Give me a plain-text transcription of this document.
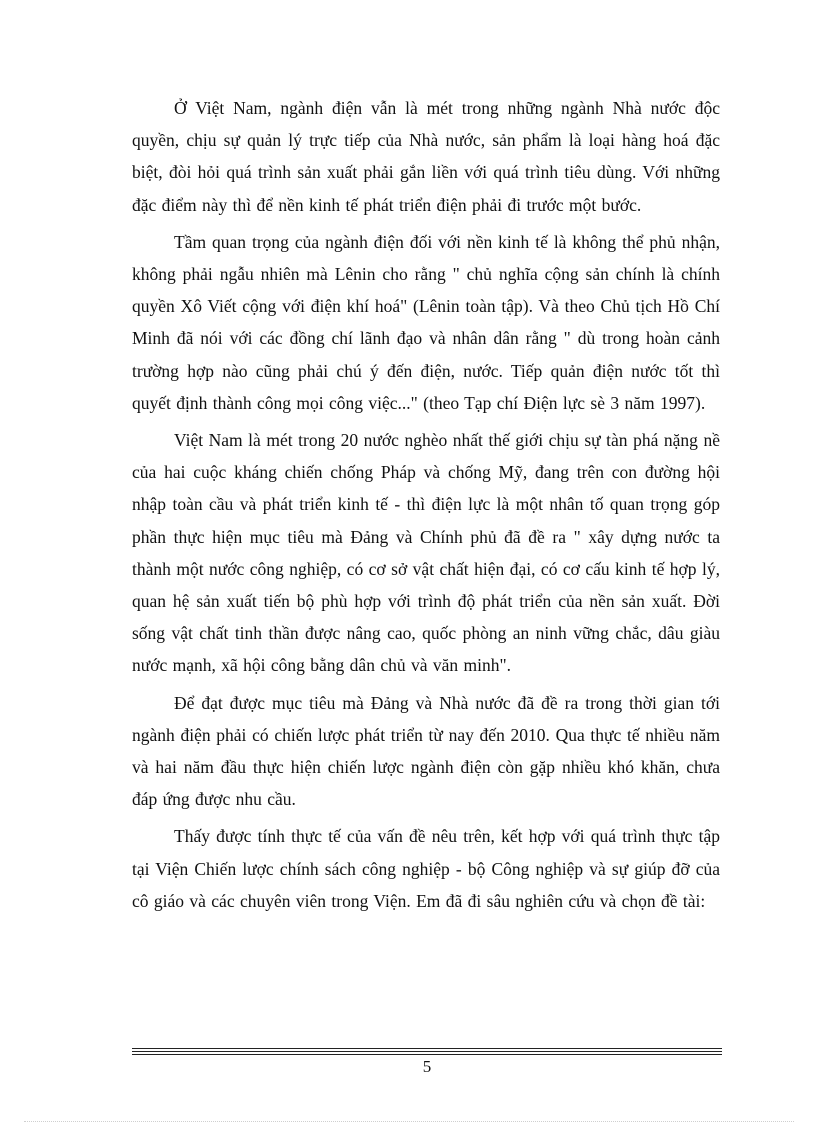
Ở Việt Nam, ngành điện vẫn là mét trong những ngành Nhà nước độc quyền, chịu sự quản lý trực tiếp của Nhà nước, sản phẩm là loại hàng hoá đặc biệt, đòi hỏi quá trình sản xuất phải gắn liền với quá trình tiêu dùng. Với những đặc điểm này thì để nền kinh tế phát triển điện phải đi trước một bước.

Tầm quan trọng của ngành điện đối với nền kinh tế là không thể phủ nhận, không phải ngẫu nhiên mà Lênin cho rằng " chủ nghĩa cộng sản chính là chính quyền Xô Viết cộng với điện khí hoá" (Lênin toàn tập). Và theo Chủ tịch Hồ Chí Minh đã nói với các đồng chí lãnh đạo và nhân dân rằng " dù trong hoàn cảnh trường hợp nào cũng phải chú ý đến điện, nước. Tiếp quản điện nước tốt thì quyết định thành công mọi công việc..." (theo Tạp chí Điện lực sè 3 năm 1997).

Việt Nam là mét trong 20 nước nghèo nhất thế giới chịu sự tàn phá nặng nề của hai cuộc kháng chiến chống Pháp và chống Mỹ, đang trên con đường hội nhập toàn cầu và phát triển kinh tế - thì điện lực là một nhân tố quan trọng góp phần thực hiện mục tiêu mà Đảng và Chính phủ đã đề ra " xây dựng nước ta thành một nước công nghiệp, có cơ sở vật chất hiện đại, có cơ cấu kinh tế hợp lý, quan hệ sản xuất tiến bộ phù hợp với trình độ phát triển của nền sản xuất. Đời sống vật chất tinh thần được nâng cao, quốc phòng an ninh vững chắc, dâu giàu nước mạnh, xã hội công bằng dân chủ và văn minh".

Để đạt được mục tiêu mà Đảng và Nhà nước đã đề ra trong thời gian tới ngành điện phải có chiến lược phát triển từ nay đến 2010. Qua thực tế nhiều năm và hai năm đầu thực hiện chiến lược ngành điện còn gặp nhiều khó khăn, chưa đáp ứng được nhu cầu.

Thấy được tính thực tế của vấn đề nêu trên, kết hợp với quá trình thực tập tại Viện Chiến lược chính sách công nghiệp - bộ Công nghiệp và sự giúp đỡ của cô giáo và các chuyên viên trong Viện. Em đã đi sâu nghiên cứu và chọn đề tài:

5
